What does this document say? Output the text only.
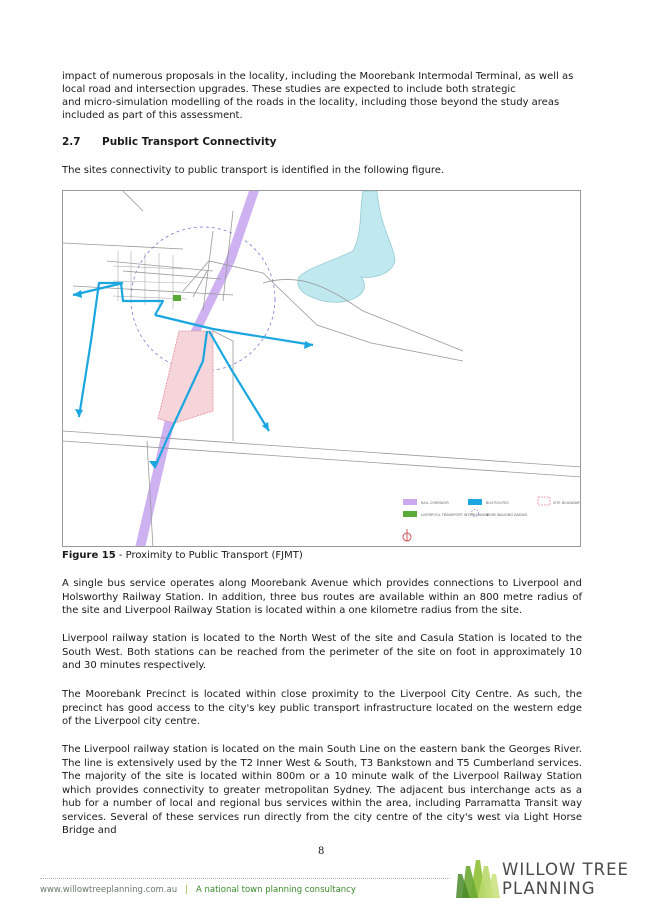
impact of numerous proposals in the locality, including the Moorebank Intermodal Terminal, as well as

local road and intersection upgrades. These studies are expected to include both strategic

and micro-simulation modelling of the roads in the locality, including those beyond the study areas

included as part of this assessment.

2.7 Public Transport Connectivity

The sites connectivity to public transport is identified in the following figure.

RAIL CORRIDOR
LIVERPOOL TRANSPORT INTERCHANGE
BUS ROUTES
800M WALKING RADIUS
SITE BOUNDARY

Figure 15 - Proximity to Public Transport (FJMT)

A single bus service operates along Moorebank Avenue which provides connections to Liverpool and Holsworthy Railway Station. In addition, three bus routes are available within an 800 metre radius of the site and Liverpool Railway Station is located within a one kilometre radius from the site.

Liverpool railway station is located to the North West of the site and Casula Station is located to the South West. Both stations can be reached from the perimeter of the site on foot in approximately 10 and 30 minutes respectively.

The Moorebank Precinct is located within close proximity to the Liverpool City Centre. As such, the precinct has good access to the city's key public transport infrastructure located on the western edge of the Liverpool city centre.

The Liverpool railway station is located on the main South Line on the eastern bank the Georges River. The line is extensively used by the T2 Inner West & South, T3 Bankstown and T5 Cumberland services. The majority of the site is located within 800m or a 10 minute walk of the Liverpool Railway Station which provides connectivity to greater metropolitan Sydney. The adjacent bus interchange acts as a hub for a number of local and regional bus services within the area, including Parramatta Transit way services. Several of these services run directly from the city centre of the city's west via Light Horse Bridge and

8
www.willowtreeplanning.com.au | A national town planning consultancy
WILLOW TREE
PLANNING
